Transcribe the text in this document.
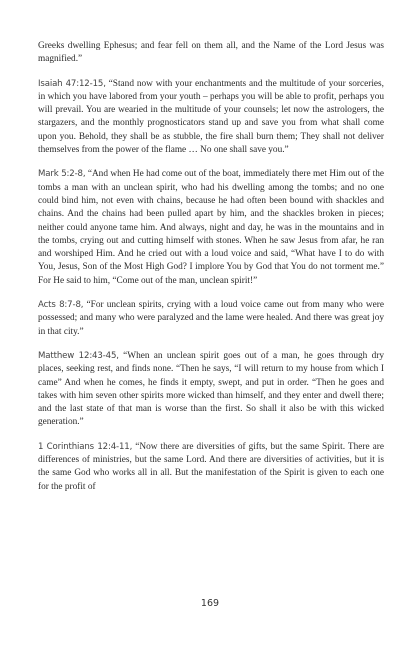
Greeks dwelling Ephesus; and fear fell on them all, and the Name of the Lord Jesus was magnified.”

Isaiah 47:12-15, “Stand now with your enchantments and the multitude of your sorceries, in which you have labored from your youth – perhaps you will be able to profit, perhaps you will prevail. You are wearied in the multitude of your counsels; let now the astrologers, the stargazers, and the monthly prognosticators stand up and save you from what shall come upon you. Behold, they shall be as stubble, the fire shall burn them; They shall not deliver themselves from the power of the flame … No one shall save you.”

Mark 5:2-8, “And when He had come out of the boat, immediately there met Him out of the tombs a man with an unclean spirit, who had his dwelling among the tombs; and no one could bind him, not even with chains, because he had often been bound with shackles and chains. And the chains had been pulled apart by him, and the shackles broken in pieces; neither could anyone tame him. And always, night and day, he was in the mountains and in the tombs, crying out and cutting himself with stones. When he saw Jesus from afar, he ran and worshiped Him. And he cried out with a loud voice and said, “What have I to do with You, Jesus, Son of the Most High God? I implore You by God that You do not torment me.” For He said to him, “Come out of the man, unclean spirit!”

Acts 8:7-8, “For unclean spirits, crying with a loud voice came out from many who were possessed; and many who were paralyzed and the lame were healed. And there was great joy in that city.”

Matthew 12:43-45, “When an unclean spirit goes out of a man, he goes through dry places, seeking rest, and finds none. “Then he says, “I will return to my house from which I came” And when he comes, he finds it empty, swept, and put in order. “Then he goes and takes with him seven other spirits more wicked than himself, and they enter and dwell there; and the last state of that man is worse than the first. So shall it also be with this wicked generation.”

1 Corinthians 12:4-11, “Now there are diversities of gifts, but the same Spirit. There are differences of ministries, but the same Lord. And there are diversities of activities, but it is the same God who works all in all. But the manifestation of the Spirit is given to each one for the profit of

169
